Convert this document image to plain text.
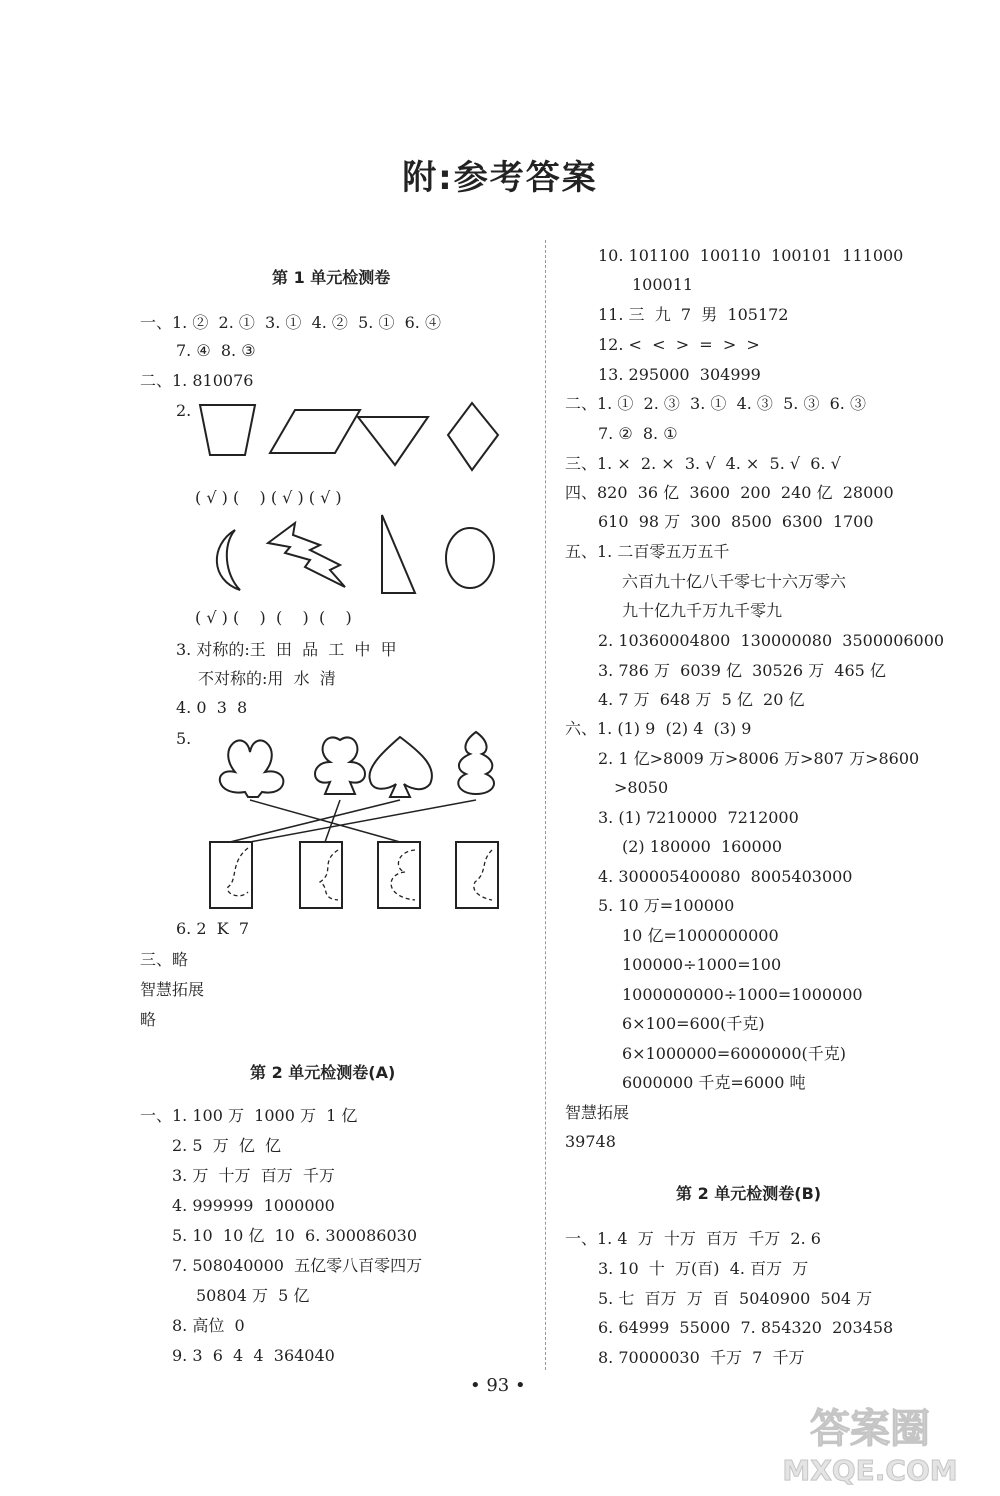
附:参考答案
第 1 单元检测卷
一、1. ②  2. ①  3. ①  4. ②  5. ①  6. ④
7. ④  8. ③
二、1. 810076
2.
( √ ) (    ) ( √ ) ( √ )
( √ ) (    )  (    )  (    )
3. 对称的:王  田  品  工  中  甲
不对称的:用  水  清
4. 0  3  8
5.
6. 2  K  7
三、略
智慧拓展
略
第 2 单元检测卷(A)
一、1. 100 万  1000 万  1 亿
2. 5  万  亿  亿
3. 万  十万  百万  千万
4. 999999  1000000
5. 10  10 亿  10  6. 300086030
7. 508040000  五亿零八百零四万
50804 万  5 亿
8. 高位  0
9. 3  6  4  4  364040
10. 101100  100110  100101  111000
100011
11. 三  九  7  男  105172
12. <  <  >  =  >  >
13. 295000  304999
二、1. ①  2. ③  3. ①  4. ③  5. ③  6. ③
7. ②  8. ①
三、1. ×  2. ×  3. √  4. ×  5. √  6. √
四、820  36 亿  3600  200  240 亿  28000
610  98 万  300  8500  6300  1700
五、1. 二百零五万五千
六百九十亿八千零七十六万零六
九十亿九千万九千零九
2. 10360004800  130000080  3500006000
3. 786 万  6039 亿  30526 万  465 亿
4. 7 万  648 万  5 亿  20 亿
六、1. (1) 9  (2) 4  (3) 9
2. 1 亿>8009 万>8006 万>807 万>8600
>8050
3. (1) 7210000  7212000
(2) 180000  160000
4. 300005400080  8005403000
5. 10 万=100000
10 亿=1000000000
100000÷1000=100
1000000000÷1000=1000000
6×100=600(千克)
6×1000000=6000000(千克)
6000000 千克=6000 吨
智慧拓展
39748
第 2 单元检测卷(B)
一、1. 4  万  十万  百万  千万  2. 6
3. 10  十  万(百)  4. 百万  万
5. 七  百万  万  百  5040900  504 万
6. 64999  55000  7. 854320  203458
8. 70000030  千万  7  千万
• 93 •
答案圈
MXQE.COM
